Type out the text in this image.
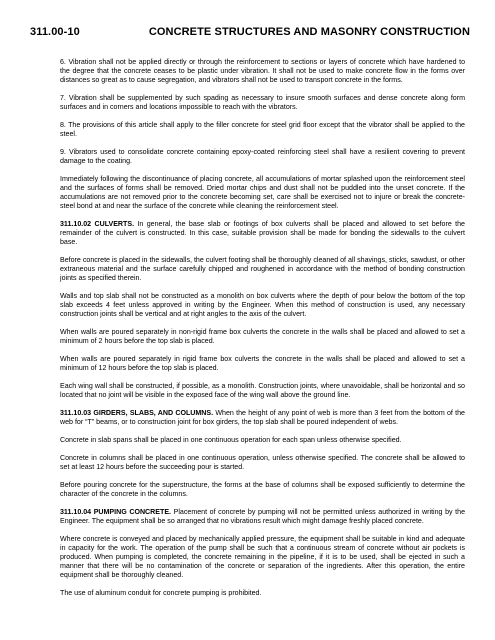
311.00-10	CONCRETE STRUCTURES AND MASONRY CONSTRUCTION

6. Vibration shall not be applied directly or through the reinforcement to sections or layers of concrete which have hardened to the degree that the concrete ceases to be plastic under vibration. It shall not be used to make concrete flow in the forms over distances so great as to cause segregation, and vibrators shall not be used to transport concrete in the forms.

7. Vibration shall be supplemented by such spading as necessary to insure smooth surfaces and dense concrete along form surfaces and in corners and locations impossible to reach with the vibrators.

8. The provisions of this article shall apply to the filler concrete for steel grid floor except that the vibrator shall be applied to the steel.

9. Vibrators used to consolidate concrete containing epoxy-coated reinforcing steel shall have a resilient covering to prevent damage to the coating.

Immediately following the discontinuance of placing concrete, all accumulations of mortar splashed upon the reinforcement steel and the surfaces of forms shall be removed. Dried mortar chips and dust shall not be puddled into the unset concrete. If the accumulations are not removed prior to the concrete becoming set, care shall be exercised not to injure or break the concrete-steel bond at and near the surface of the concrete while cleaning the reinforcement steel.

311.10.02 CULVERTS. In general, the base slab or footings of box culverts shall be placed and allowed to set before the remainder of the culvert is constructed. In this case, suitable provision shall be made for bonding the sidewalls to the culvert base.

Before concrete is placed in the sidewalls, the culvert footing shall be thoroughly cleaned of all shavings, sticks, sawdust, or other extraneous material and the surface carefully chipped and roughened in accordance with the method of bonding construction joints as specified therein.

Walls and top slab shall not be constructed as a monolith on box culverts where the depth of pour below the bottom of the top slab exceeds 4 feet unless approved in writing by the Engineer. When this method of construction is used, any necessary construction joints shall be vertical and at right angles to the axis of the culvert.

When walls are poured separately in non-rigid frame box culverts the concrete in the walls shall be placed and allowed to set a minimum of 2 hours before the top slab is placed.

When walls are poured separately in rigid frame box culverts the concrete in the walls shall be placed and allowed to set a minimum of 12 hours before the top slab is placed.

Each wing wall shall be constructed, if possible, as a monolith. Construction joints, where unavoidable, shall be horizontal and so located that no joint will be visible in the exposed face of the wing wall above the ground line.

311.10.03 GIRDERS, SLABS, AND COLUMNS. When the height of any point of web is more than 3 feet from the bottom of the web for “T” beams, or to construction joint for box girders, the top slab shall be poured independent of webs.

Concrete in slab spans shall be placed in one continuous operation for each span unless otherwise specified.

Concrete in columns shall be placed in one continuous operation, unless otherwise specified. The concrete shall be allowed to set at least 12 hours before the succeeding pour is started.

Before pouring concrete for the superstructure, the forms at the base of columns shall be exposed sufficiently to determine the character of the concrete in the columns.

311.10.04 PUMPING CONCRETE. Placement of concrete by pumping will not be permitted unless authorized in writing by the Engineer. The equipment shall be so arranged that no vibrations result which might damage freshly placed concrete.

Where concrete is conveyed and placed by mechanically applied pressure, the equipment shall be suitable in kind and adequate in capacity for the work. The operation of the pump shall be such that a continuous stream of concrete without air pockets is produced. When pumping is completed, the concrete remaining in the pipeline, if it is to be used, shall be ejected in such a manner that there will be no contamination of the concrete or separation of the ingredients. After this operation, the entire equipment shall be thoroughly cleaned.

The use of aluminum conduit for concrete pumping is prohibited.
